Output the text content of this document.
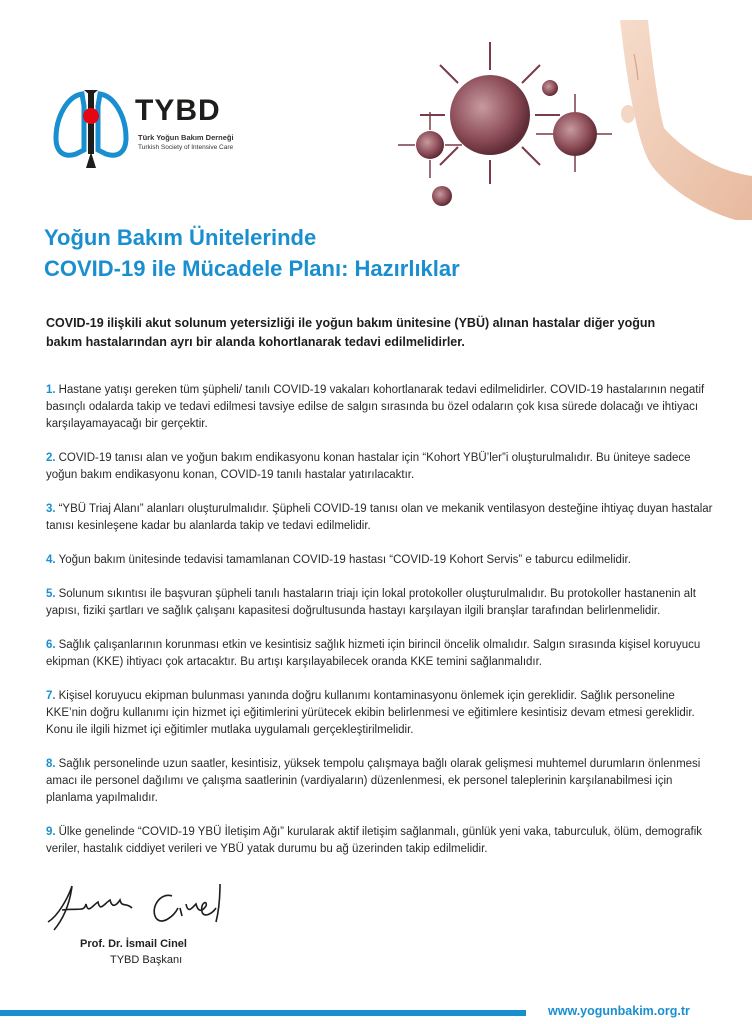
TYBD
Türk Yoğun Bakım Derneği
Turkish Society of Intensive Care
Yoğun Bakım Ünitelerinde
COVID-19 ile Mücadele Planı: Hazırlıklar

COVID-19 ilişkili akut solunum yetersizliği ile yoğun bakım ünitesine (YBÜ) alınan hastalar diğer yoğun bakım hastalarından ayrı bir alanda kohortlanarak tedavi edilmelidirler.

1. Hastane yatışı gereken tüm şüpheli/ tanılı COVID-19 vakaları kohortlanarak tedavi edilmelidirler. COVID-19 hastalarının negatif basınçlı odalarda takip ve tedavi edilmesi tavsiye edilse de salgın sırasında bu özel odaların çok kısa sürede dolacağı ve ihtiyacı karşılayamayacağı bir gerçektir.
2. COVID-19 tanısı alan ve yoğun bakım endikasyonu konan hastalar için “Kohort YBÜ’ler”i oluşturulmalıdır. Bu üniteye sadece yoğun bakım endikasyonu konan, COVID-19 tanılı hastalar yatırılacaktır.
3. “YBÜ Triaj Alanı” alanları oluşturulmalıdır. Şüpheli COVID-19 tanısı olan ve mekanik ventilasyon desteğine ihtiyaç duyan hastalar tanısı kesinleşene kadar bu alanlarda takip ve tedavi edilmelidir.
4. Yoğun bakım ünitesinde tedavisi tamamlanan COVID-19 hastası “COVID-19 Kohort Servis” e taburcu edilmelidir.
5. Solunum sıkıntısı ile başvuran şüpheli tanılı hastaların triajı için lokal protokoller oluşturulmalıdır. Bu protokoller hastanenin alt yapısı, fiziki şartları ve sağlık çalışanı kapasitesi doğrultusunda hastayı karşılayan ilgili branşlar tarafından belirlenmelidir.
6. Sağlık çalışanlarının korunması etkin ve kesintisiz sağlık hizmeti için birincil öncelik olmalıdır. Salgın sırasında kişisel koruyucu ekipman (KKE) ihtiyacı çok artacaktır. Bu artışı karşılayabilecek oranda KKE temini sağlanmalıdır.
7. Kişisel koruyucu ekipman bulunması yanında doğru kullanımı kontaminasyonu önlemek için gereklidir. Sağlık personeline KKE’nin doğru kullanımı için hizmet içi eğitimlerini yürütecek ekibin belirlenmesi ve eğitimlere kesintisiz devam etmesi gereklidir. Konu ile ilgili hizmet içi eğitimler mutlaka uygulamalı gerçekleştirilmelidir.
8. Sağlık personelinde uzun saatler, kesintisiz, yüksek tempolu çalışmaya bağlı olarak gelişmesi muhtemel durumların önlenmesi amacı ile personel dağılımı ve çalışma saatlerinin (vardiyaların) düzenlenmesi, ek personel taleplerinin karşılanabilmesi için planlama yapılmalıdır.
9. Ülke genelinde “COVID-19 YBÜ İletişim Ağı” kurularak aktif iletişim sağlanmalı, günlük yeni vaka, taburculuk, ölüm, demografik veriler, hastalık ciddiyet verileri ve YBÜ yatak durumu bu ağ üzerinden takip edilmelidir.
Prof. Dr. İsmail Cinel
TYBD Başkanı
www.yogunbakim.org.tr
